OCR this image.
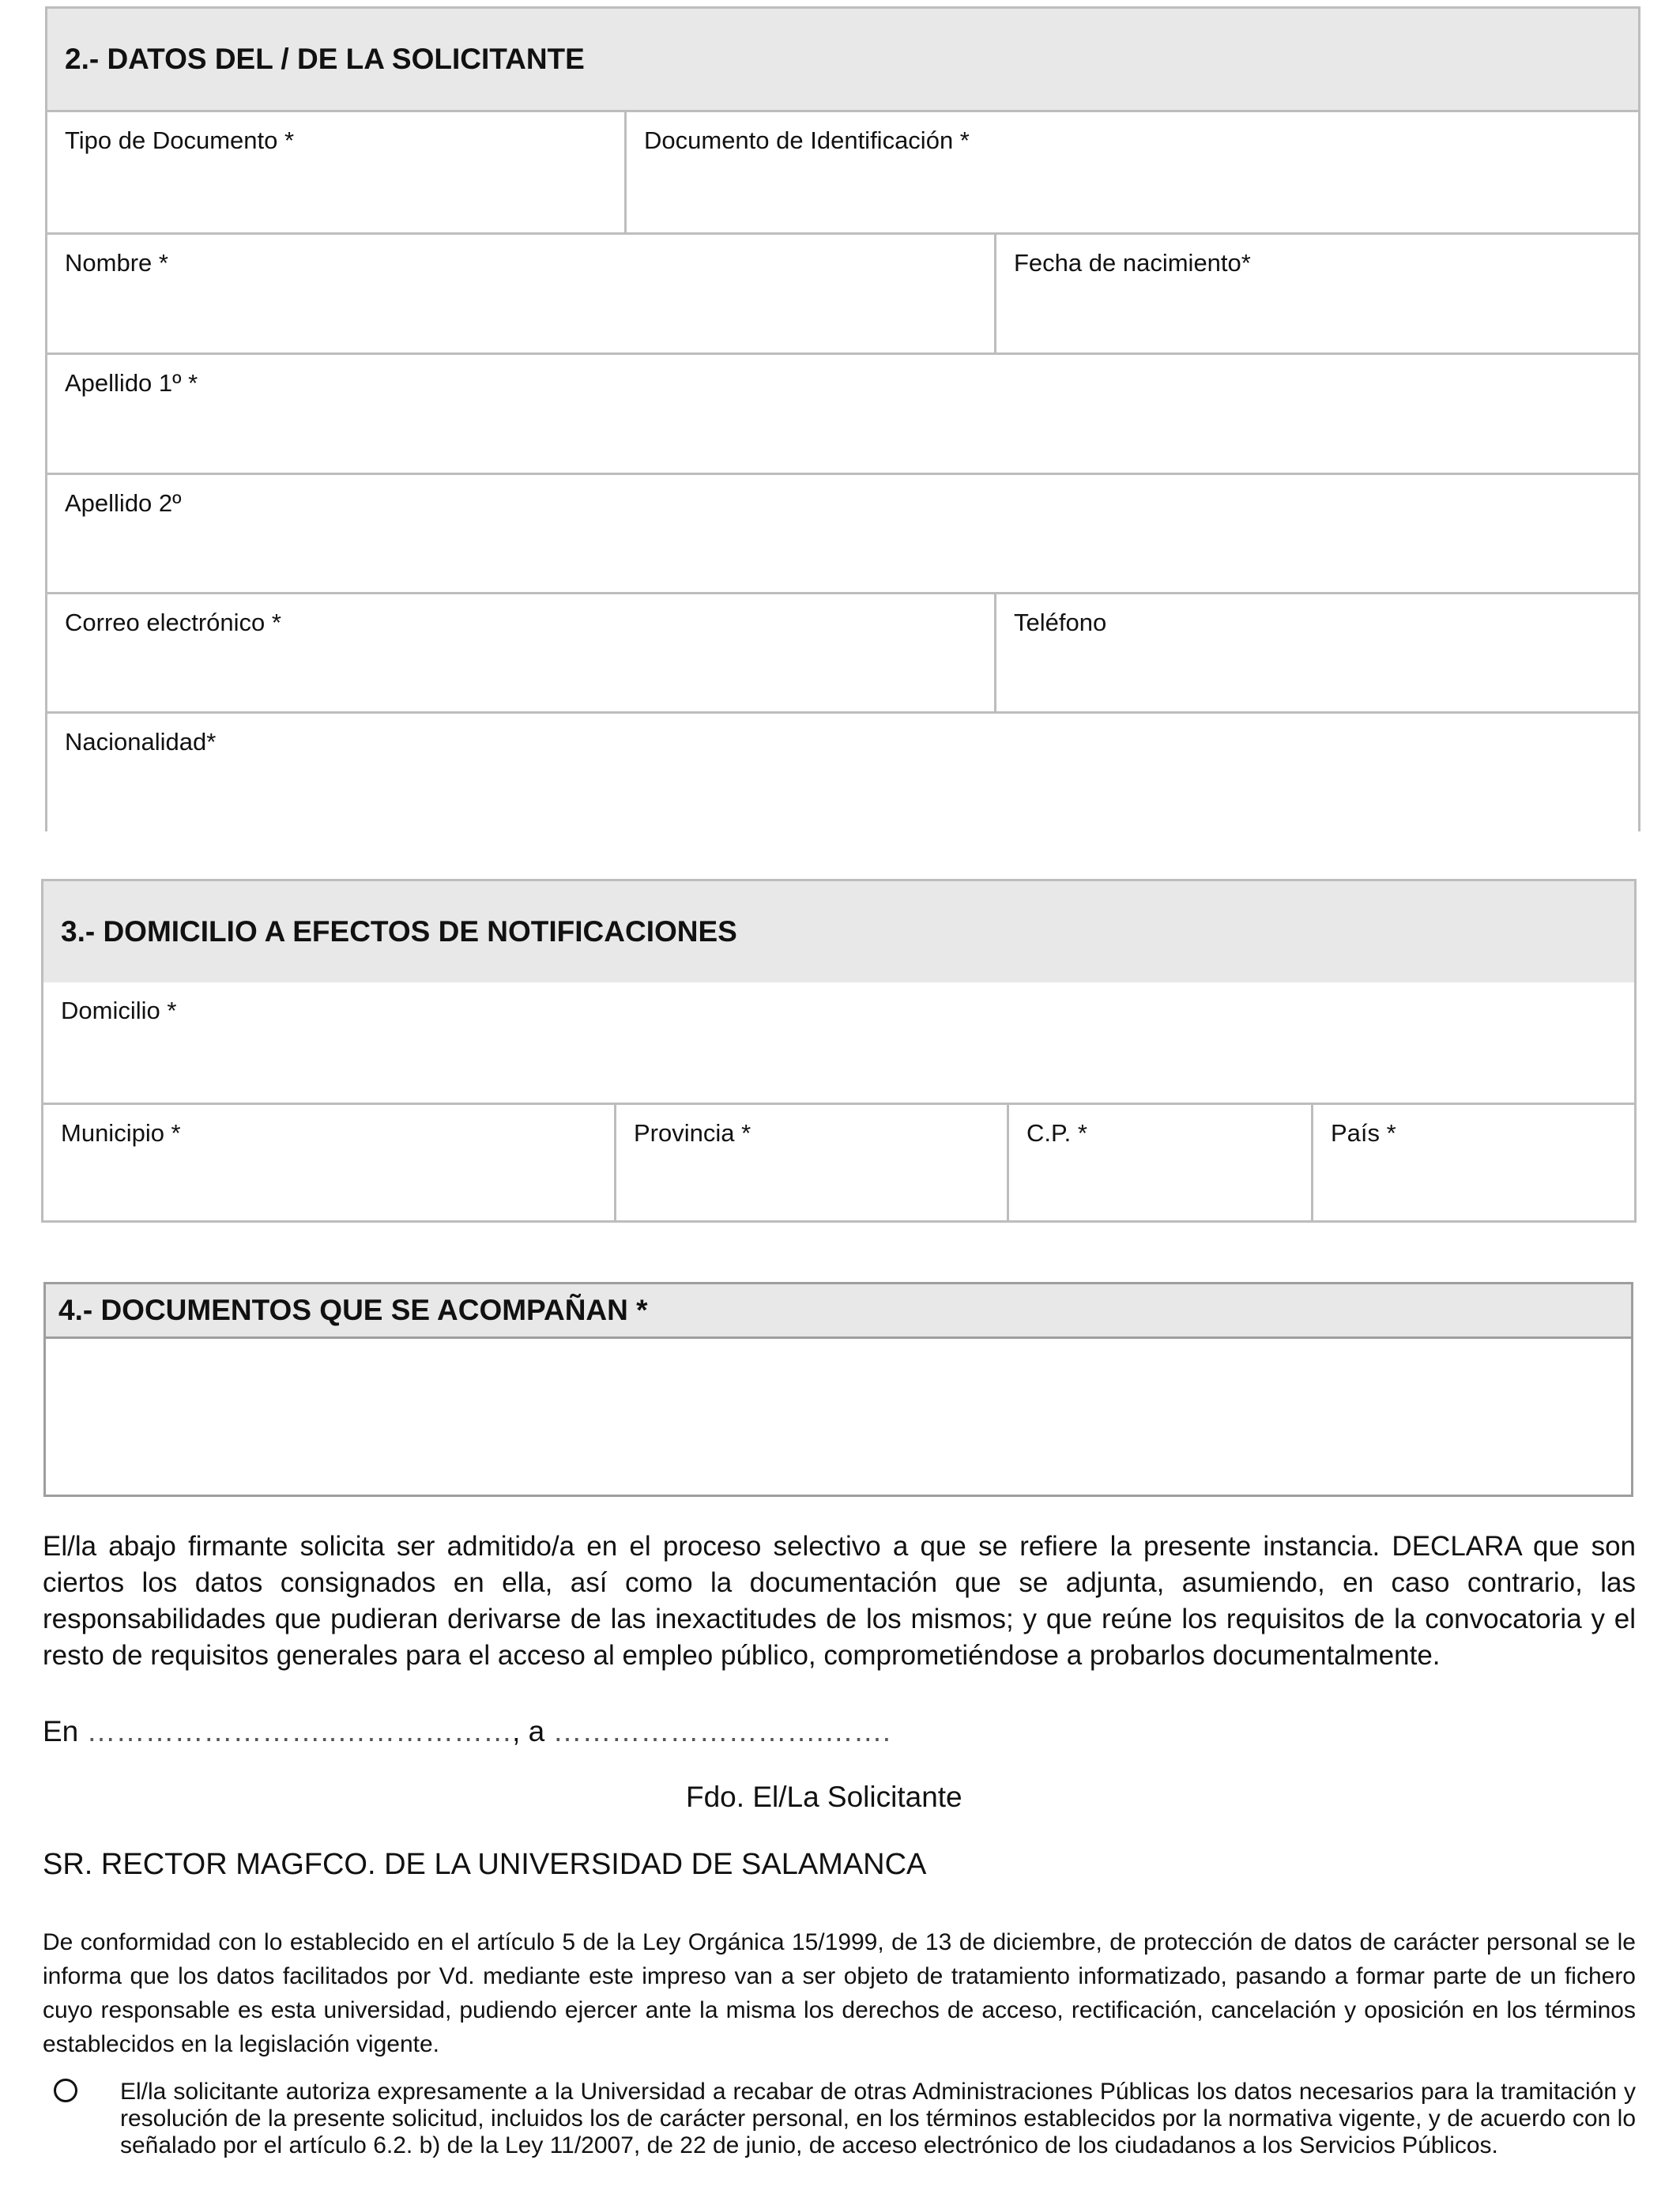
2.- DATOS DEL / DE LA SOLICITANTE
Tipo de Documento *	Documento de Identificación *
Nombre *	Fecha de nacimiento*
Apellido 1º *
Apellido 2º
Correo electrónico *	Teléfono
Nacionalidad*
3.- DOMICILIO A EFECTOS DE NOTIFICACIONES
Domicilio *
Municipio *	Provincia *	C.P. *	País *
4.- DOCUMENTOS QUE SE ACOMPAÑAN *
El/la abajo firmante solicita ser admitido/a en el proceso selectivo a que se refiere la presente instancia. DECLARA que son ciertos los datos consignados en ella, así como la documentación que se adjunta, asumiendo, en caso contrario, las responsabilidades que pudieran derivarse de las inexactitudes de los mismos; y que reúne los requisitos de la convocatoria y el resto de requisitos generales para el acceso al empleo público, comprometiéndose a probarlos documentalmente.
En ……………………..………………, a ……………………….…….
Fdo. El/La Solicitante
SR. RECTOR MAGFCO. DE LA UNIVERSIDAD DE SALAMANCA
De conformidad con lo establecido en el artículo 5 de la Ley Orgánica 15/1999, de 13 de diciembre, de protección de datos de carácter personal se le informa que los datos facilitados por Vd. mediante este impreso van a ser objeto de tratamiento informatizado, pasando a formar parte de un fichero cuyo responsable es esta universidad, pudiendo ejercer ante la misma los derechos de acceso, rectificación, cancelación y oposición en los términos establecidos en la legislación vigente.
El/la solicitante autoriza expresamente a la Universidad a recabar de otras Administraciones Públicas los datos necesarios para la tramitación y resolución de la presente solicitud, incluidos los de carácter personal, en los términos establecidos por la normativa vigente, y de acuerdo con lo señalado por el artículo 6.2. b) de la Ley 11/2007, de 22 de junio, de acceso electrónico de los ciudadanos a los Servicios Públicos.
